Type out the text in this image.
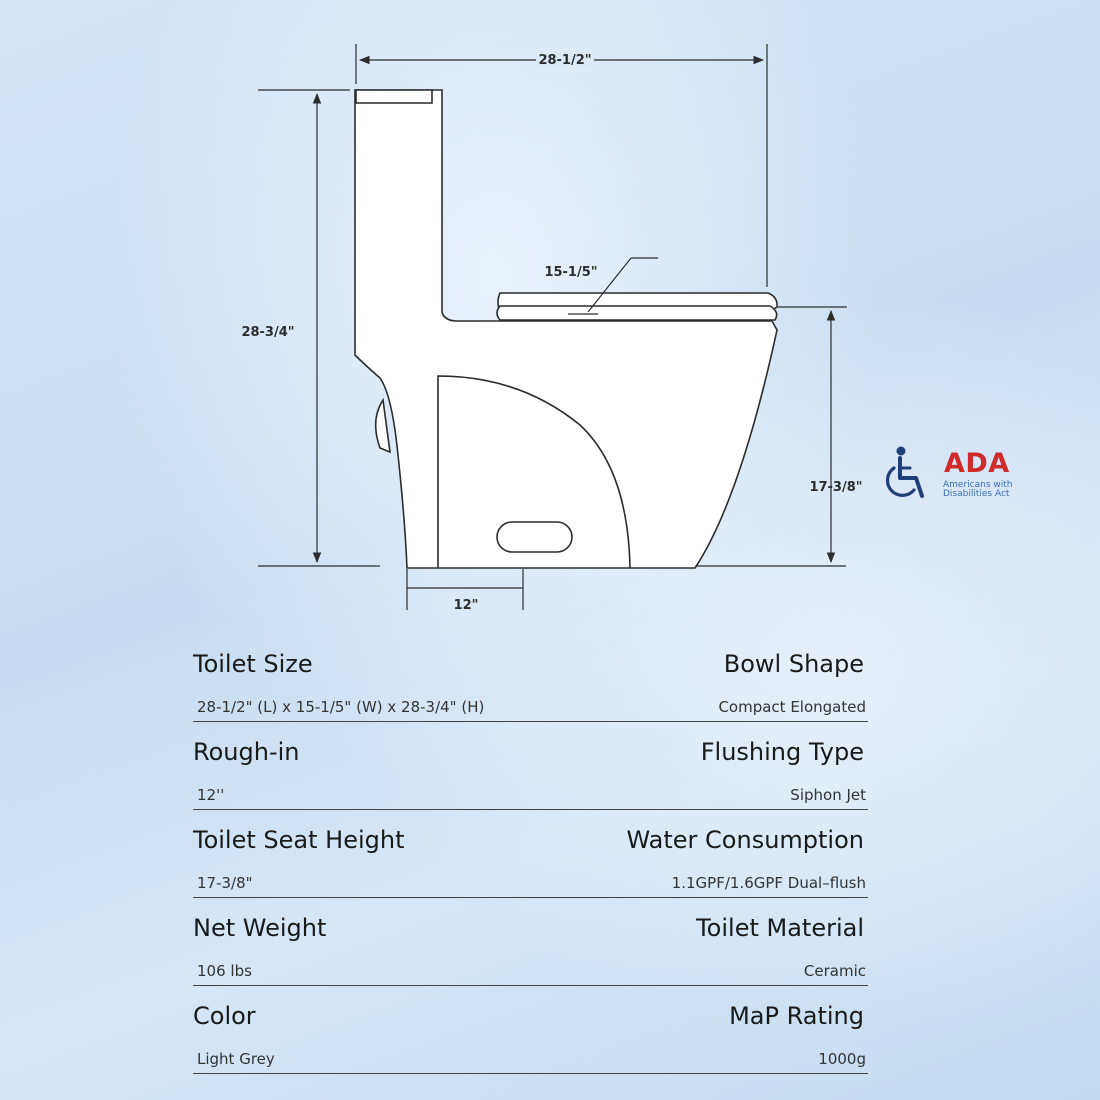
28-1/2"
28-3/4"
15-1/5"
17-3/8"
12"
ADA
Americans with Disabilities Act
Toilet Size	Bowl Shape
28-1/2" (L) x 15-1/5" (W) x 28-3/4" (H)	Compact Elongated
Rough-in	Flushing Type
12''	Siphon Jet
Toilet Seat Height	Water Consumption
17-3/8"	1.1GPF/1.6GPF Dual–flush
Net Weight	Toilet Material
106 lbs	Ceramic
Color	MaP Rating
Light Grey	1000g
